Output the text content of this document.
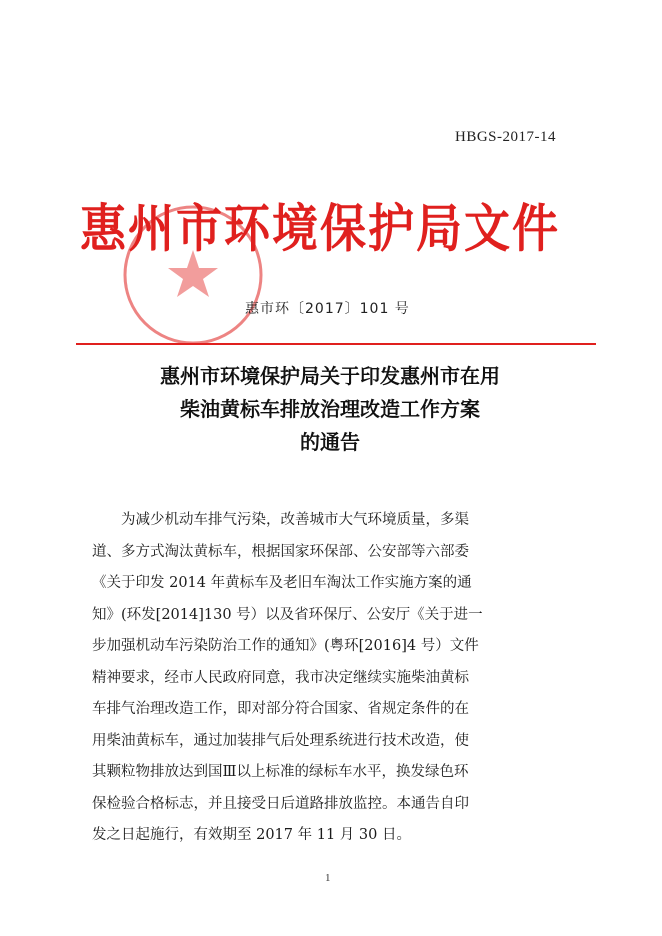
HBGS-2017-14
惠州市环境保护局文件
惠市环〔2017〕101 号
惠州市环境保护局关于印发惠州市在用
柴油黄标车排放治理改造工作方案
的通告
　　为减少机动车排气污染，改善城市大气环境质量，多渠
道、多方式淘汰黄标车，根据国家环保部、公安部等六部委
《关于印发 2014 年黄标车及老旧车淘汰工作实施方案的通
知》(环发[2014]130 号）以及省环保厅、公安厅《关于进一
步加强机动车污染防治工作的通知》(粤环[2016]4 号）文件
精神要求，经市人民政府同意，我市决定继续实施柴油黄标
车排气治理改造工作，即对部分符合国家、省规定条件的在
用柴油黄标车，通过加装排气后处理系统进行技术改造，使
其颗粒物排放达到国Ⅲ以上标准的绿标车水平，换发绿色环
保检验合格标志，并且接受日后道路排放监控。本通告自印
发之日起施行，有效期至 2017 年 11 月 30 日。
1
